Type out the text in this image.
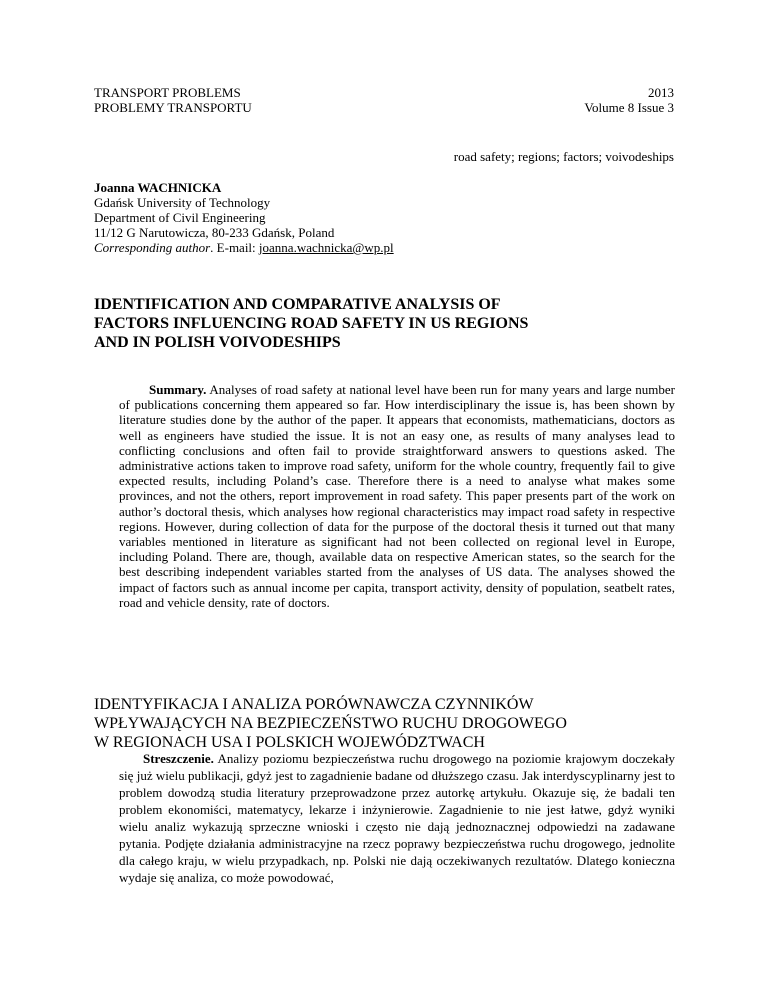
TRANSPORT PROBLEMS
PROBLEMY TRANSPORTU
2013
Volume 8 Issue 3
road safety; regions; factors; voivodeships
Joanna WACHNICKA
Gdańsk University of Technology
Department of Civil Engineering
11/12 G Narutowicza, 80-233 Gdańsk, Poland
Corresponding author. E-mail: joanna.wachnicka@wp.pl
IDENTIFICATION AND COMPARATIVE ANALYSIS OF FACTORS INFLUENCING ROAD SAFETY IN US REGIONS AND IN POLISH VOIVODESHIPS
Summary. Analyses of road safety at national level have been run for many years and large number of publications concerning them appeared so far. How interdisciplinary the issue is, has been shown by literature studies done by the author of the paper. It appears that economists, mathematicians, doctors as well as engineers have studied the issue. It is not an easy one, as results of many analyses lead to conflicting conclusions and often fail to provide straightforward answers to questions asked. The administrative actions taken to improve road safety, uniform for the whole country, frequently fail to give expected results, including Poland’s case. Therefore there is a need to analyse what makes some provinces, and not the others, report improvement in road safety. This paper presents part of the work on author’s doctoral thesis, which analyses how regional characteristics may impact road safety in respective regions. However, during collection of data for the purpose of the doctoral thesis it turned out that many variables mentioned in literature as significant had not been collected on regional level in Europe, including Poland. There are, though, available data on respective American states, so the search for the best describing independent variables started from the analyses of US data. The analyses showed the impact of factors such as annual income per capita, transport activity, density of population, seatbelt rates, road and vehicle density, rate of doctors.
IDENTYFIKACJA I ANALIZA PORÓWNAWCZA CZYNNIKÓW
WPŁYWAJĄCYCH NA BEZPIECZEŃSTWO RUCHU DROGOWEGO
W REGIONACH USA I POLSKICH WOJEWÓDZTWACH
Streszczenie. Analizy poziomu bezpieczeństwa ruchu drogowego na poziomie krajowym doczekały się już wielu publikacji, gdyż jest to zagadnienie badane od dłuższego czasu. Jak interdyscyplinarny jest to problem dowodzą studia literatury przeprowadzone przez autorkę artykułu. Okazuje się, że badali ten problem ekonomiści, matematycy, lekarze i inżynierowie. Zagadnienie to nie jest łatwe, gdyż wyniki wielu analiz wykazują sprzeczne wnioski i często nie dają jednoznacznej odpowiedzi na zadawane pytania. Podjęte działania administracyjne na rzecz poprawy bezpieczeństwa ruchu drogowego, jednolite dla całego kraju, w wielu przypadkach, np. Polski nie dają oczekiwanych rezultatów. Dlatego konieczna wydaje się analiza, co może powodować,
